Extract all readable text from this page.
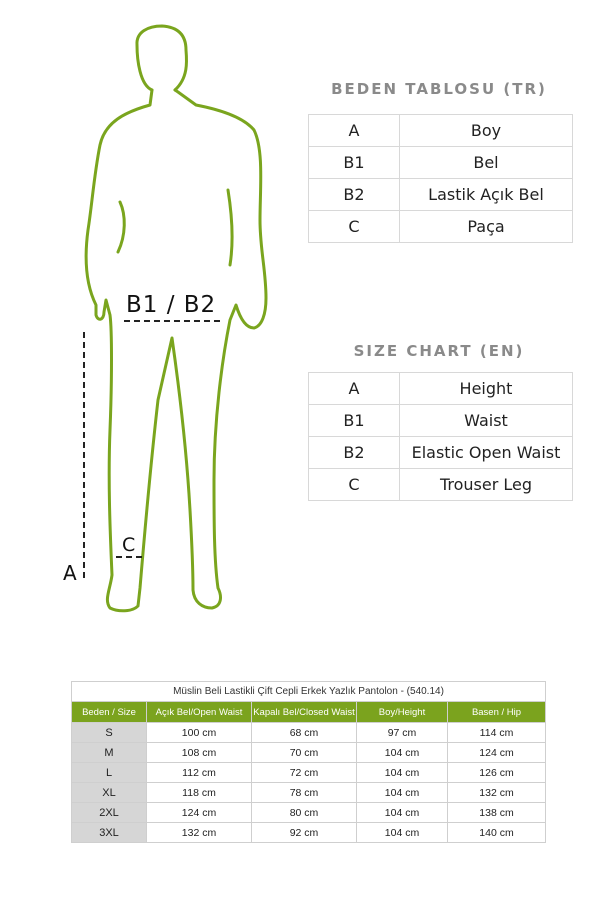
B1 / B2
C
A
BEDEN TABLOSU (TR)
A	Boy
B1	Bel
B2	Lastik Açık Bel
C	Paça
SIZE CHART (EN)
A	Height
B1	Waist
B2	Elastic Open Waist
C	Trouser Leg
Müslin Beli Lastikli Çift Cepli Erkek Yazlık Pantolon - (540.14)
Beden / Size	Açık Bel/Open Waist	Kapalı Bel/Closed Waist	Boy/Height	Basen / Hip
S	100 cm	68 cm	97 cm	114 cm
M	108 cm	70 cm	104 cm	124 cm
L	112 cm	72 cm	104 cm	126 cm
XL	118 cm	78 cm	104 cm	132 cm
2XL	124 cm	80 cm	104 cm	138 cm
3XL	132 cm	92 cm	104 cm	140 cm
